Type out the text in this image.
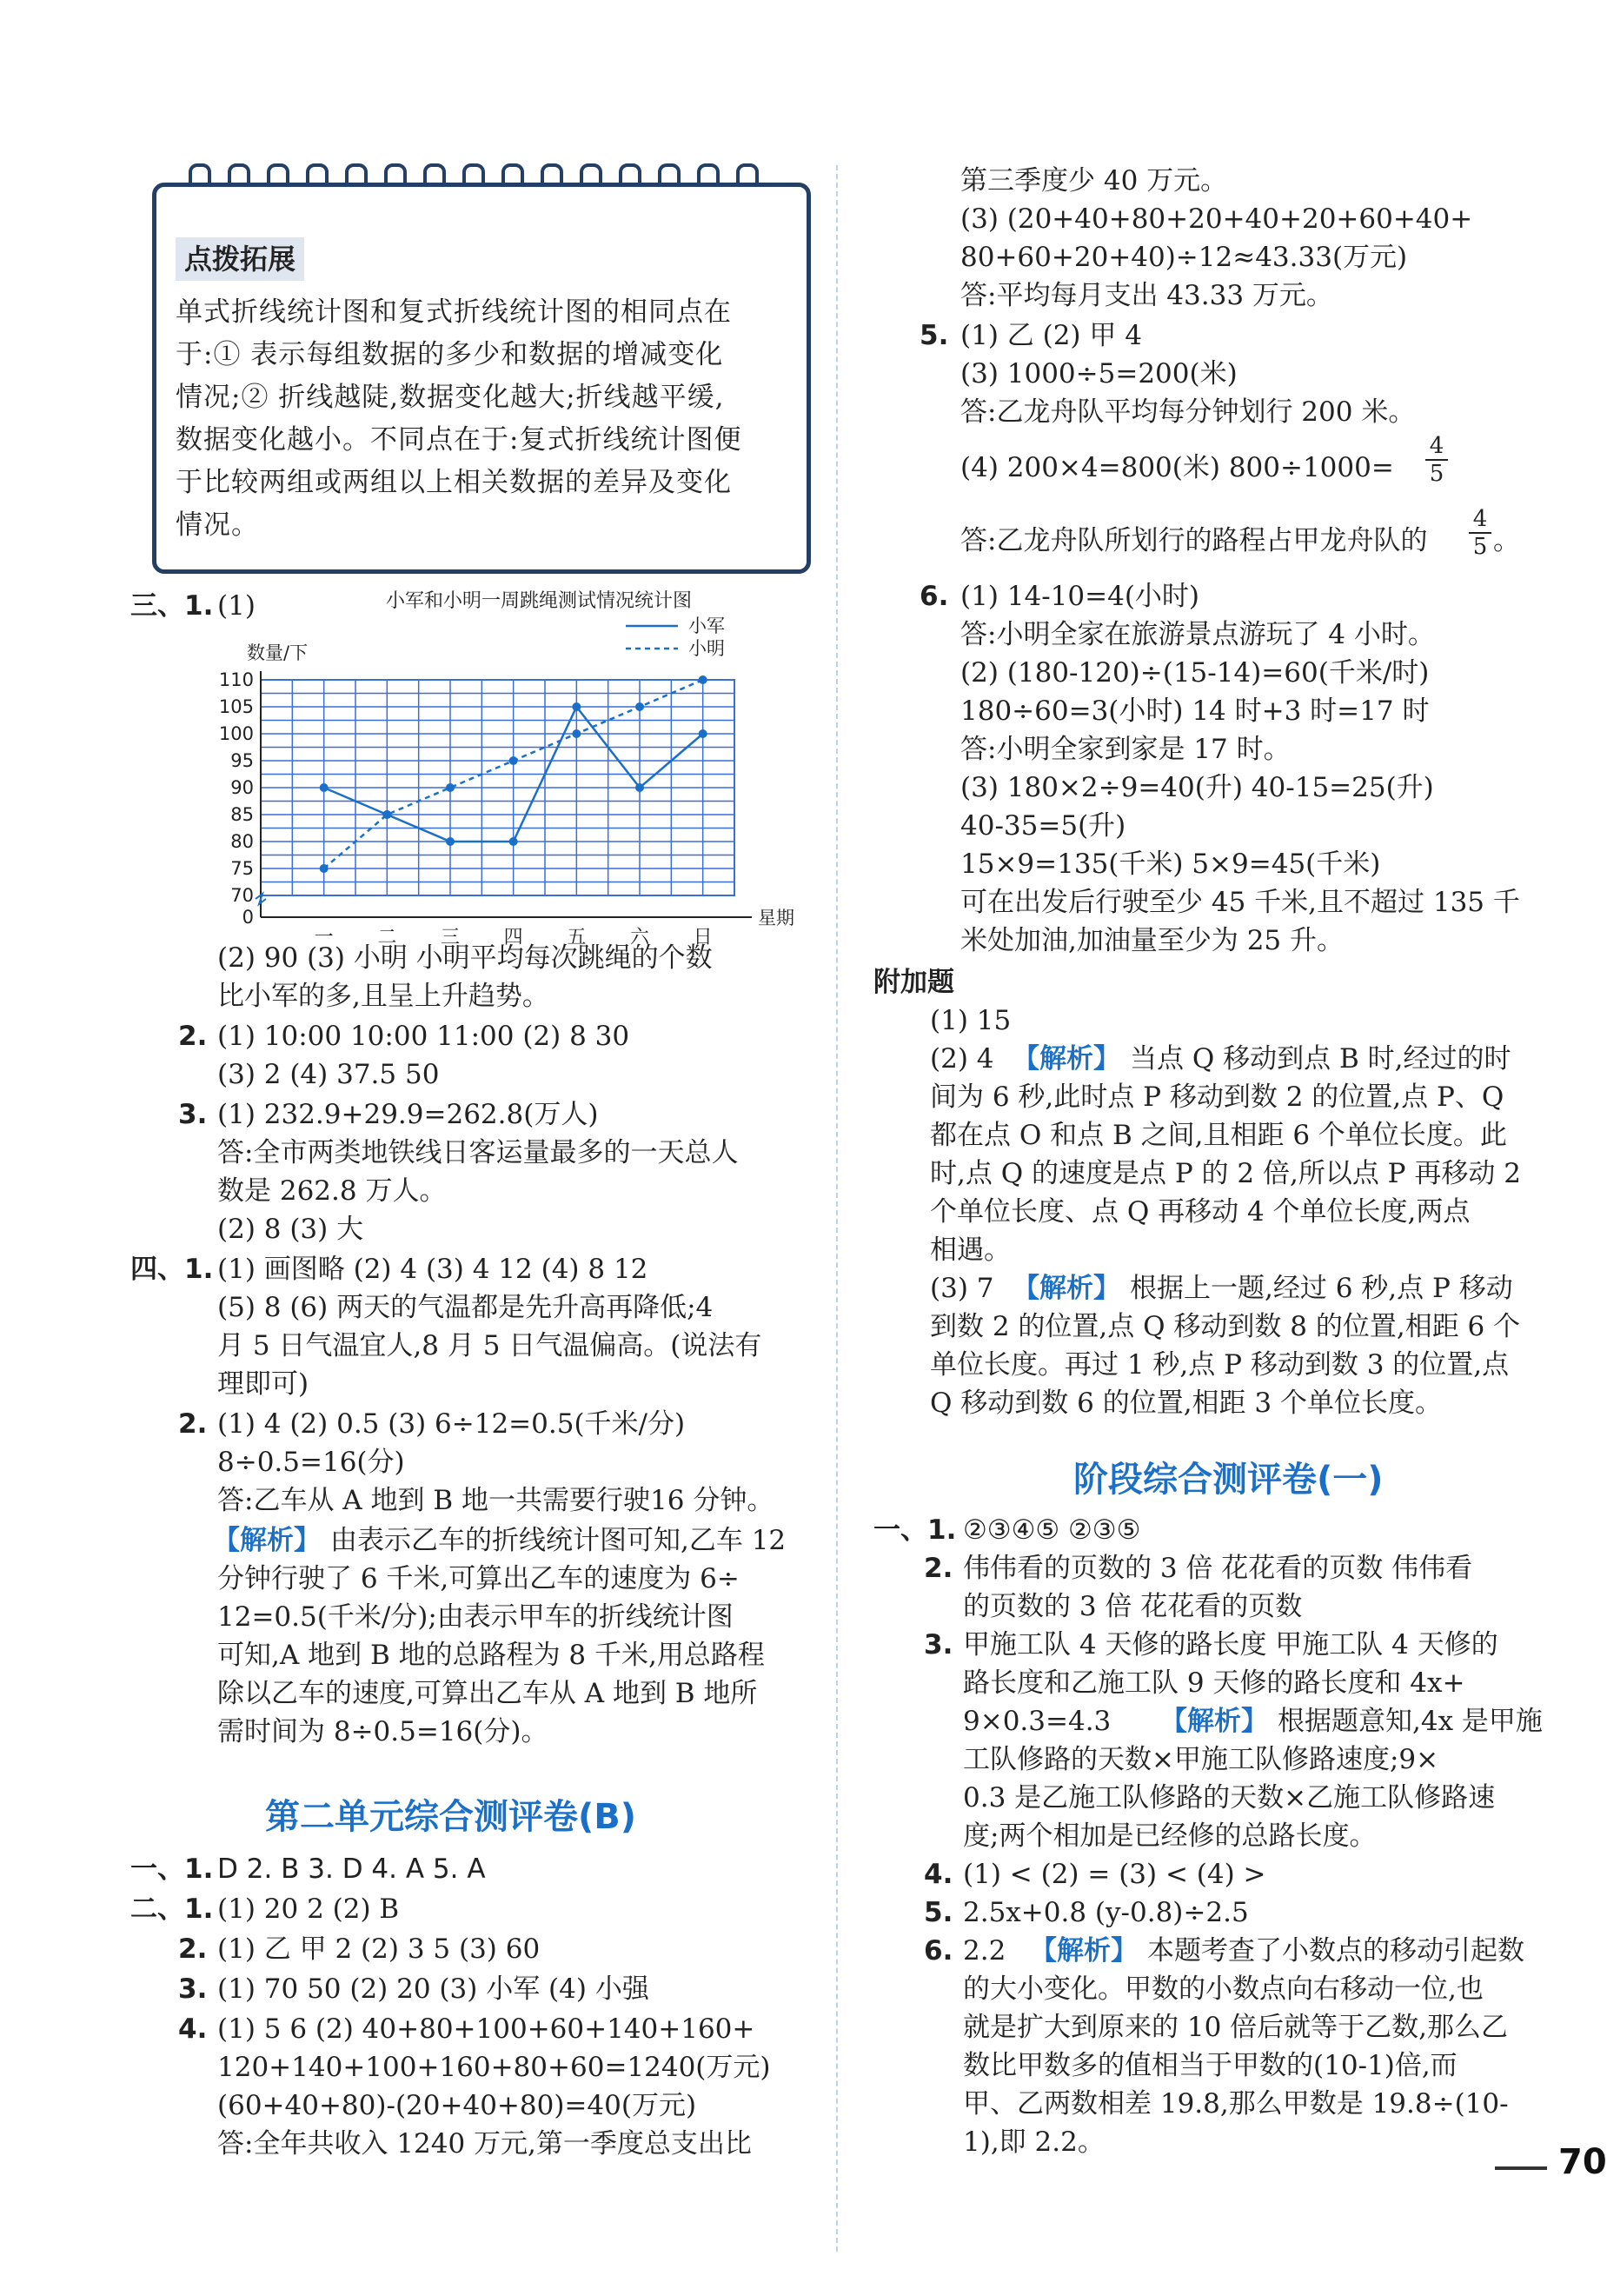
点拨拓展
单式折线统计图和复式折线统计图的相同点在
于:① 表示每组数据的多少和数据的增减变化
情况;② 折线越陡,数据变化越大;折线越平缓,
数据变化越小。不同点在于:复式折线统计图便
于比较两组或两组以上相关数据的差异及变化
情况。
三、1. (1)	小军和小明一周跳绳测试情况统计图
数量/下
星期
小军
小明
0
70
75
80
85
90
95
100
105
110
一 二 三 四 五 六 日
(2) 90 (3) 小明 小明平均每次跳绳的个数
比小军的多,且呈上升趋势。
2. (1) 10:00 10:00 11:00 (2) 8 30
(3) 2 (4) 37.5 50
3. (1) 232.9+29.9=262.8(万人)
答:全市两类地铁线日客运量最多的一天总人
数是 262.8 万人。
(2) 8 (3) 大
四、1. (1) 画图略 (2) 4 (3) 4 12 (4) 8 12
(5) 8 (6) 两天的气温都是先升高再降低;4
月 5 日气温宜人,8 月 5 日气温偏高。(说法有
理即可)
2. (1) 4 (2) 0.5 (3) 6÷12=0.5(千米/分)
8÷0.5=16(分)
答:乙车从 A 地到 B 地一共需要行驶16 分钟。
【解析】 由表示乙车的折线统计图可知,乙车 12
分钟行驶了 6 千米,可算出乙车的速度为 6÷
12=0.5(千米/分);由表示甲车的折线统计图
可知,A 地到 B 地的总路程为 8 千米,用总路程
除以乙车的速度,可算出乙车从 A 地到 B 地所
需时间为 8÷0.5=16(分)。
第二单元综合测评卷(B)
一、1. D 2. B 3. D 4. A 5. A
二、1. (1) 20 2 (2) B
2. (1) 乙 甲 2 (2) 3 5 (3) 60
3. (1) 70 50 (2) 20 (3) 小军 (4) 小强
4. (1) 5 6 (2) 40+80+100+60+140+160+
120+140+100+160+80+60=1240(万元)
(60+40+80)-(20+40+80)=40(万元)
答:全年共收入 1240 万元,第一季度总支出比
第三季度少 40 万元。
(3) (20+40+80+20+40+20+60+40+
80+60+20+40)÷12≈43.33(万元)
答:平均每月支出 43.33 万元。
5. (1) 乙 (2) 甲 4
(3) 1000÷5=200(米)
答:乙龙舟队平均每分钟划行 200 米。
(4) 200×4=800(米) $800\div 1000= \frac{4}{5}$
答:乙龙舟队所划行的路程占甲龙舟队的 $\frac{4}{5}$ 。
6. (1) 14-10=4(小时)
答:小明全家在旅游景点游玩了 4 小时。
(2) (180-120)÷(15-14)=60(千米/时)
180÷60=3(小时) 14 时+3 时=17 时
答:小明全家到家是 17 时。
(3) 180×2÷9=40(升) 40-15=25(升)
40-35=5(升)
15×9=135(千米) 5×9=45(千米)
可在出发后行驶至少 45 千米,且不超过 135 千
米处加油,加油量至少为 25 升。
附加题
(1) 15
(2) 4 【解析】 当点 Q 移动到点 B 时,经过的时
间为 6 秒,此时点 P 移动到数 2 的位置,点 P、Q
都在点 O 和点 B 之间,且相距 6 个单位长度。此
时,点 Q 的速度是点 P 的 2 倍,所以点 P 再移动 2
个单位长度、点 Q 再移动 4 个单位长度,两点
相遇。
(3) 7 【解析】 根据上一题,经过 6 秒,点 P 移动
到数 2 的位置,点 Q 移动到数 8 的位置,相距 6 个
单位长度。再过 1 秒,点 P 移动到数 3 的位置,点
Q 移动到数 6 的位置,相距 3 个单位长度。
阶段综合测评卷(一)
一、1. ②③④⑤ ②③⑤
2. 伟伟看的页数的 3 倍 花花看的页数 伟伟看
的页数的 3 倍 花花看的页数
3. 甲施工队 4 天修的路长度 甲施工队 4 天修的
路长度和乙施工队 9 天修的路长度和 4x+
9×0.3=4.3 【解析】 根据题意知,4x 是甲施
工队修路的天数×甲施工队修路速度;9×
0.3 是乙施工队修路的天数×乙施工队修路速
度;两个相加是已经修的总路长度。
4. (1) < (2) = (3) < (4) >
5. 2.5x+0.8 (y-0.8)÷2.5
6. 2.2 【解析】 本题考查了小数点的移动引起数
的大小变化。甲数的小数点向右移动一位,也
就是扩大到原来的 10 倍后就等于乙数,那么乙
数比甲数多的值相当于甲数的(10-1)倍,而
甲、乙两数相差 19.8,那么甲数是 19.8÷(10-
1),即 2.2。	70
